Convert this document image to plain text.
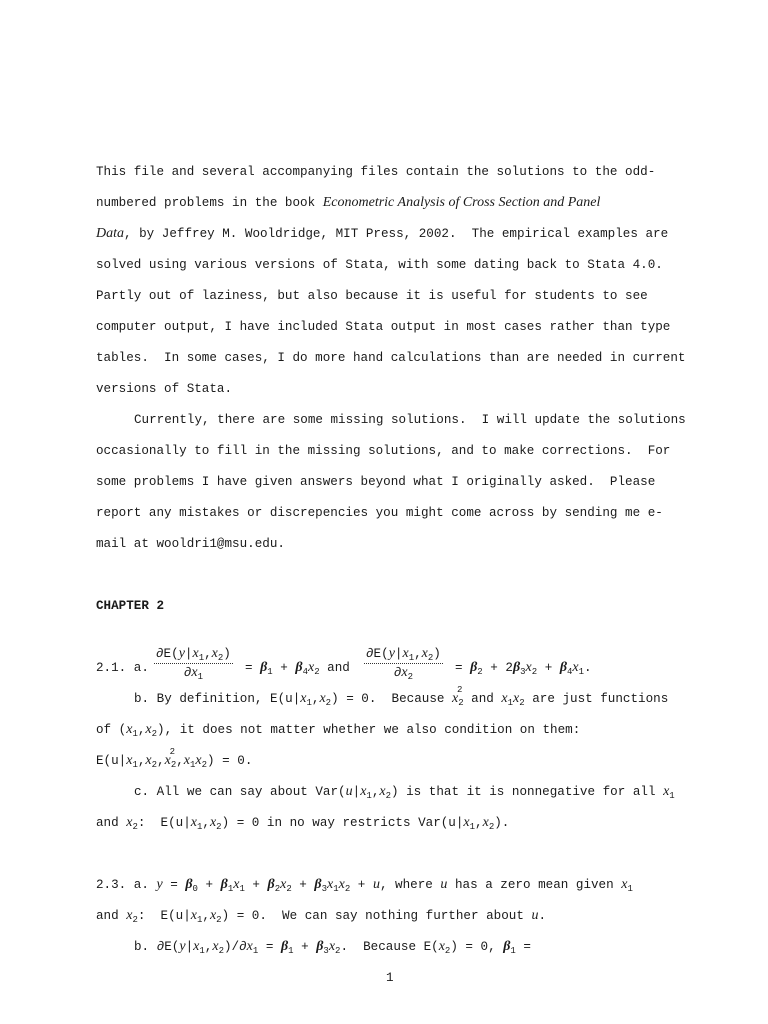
This file and several accompanying files contain the solutions to the odd-
numbered problems in the book Econometric Analysis of Cross Section and Panel
Data, by Jeffrey M. Wooldridge, MIT Press, 2002.  The empirical examples are
solved using various versions of Stata, with some dating back to Stata 4.0.
Partly out of laziness, but also because it is useful for students to see
computer output, I have included Stata output in most cases rather than type
tables.  In some cases, I do more hand calculations than are needed in current
versions of Stata.
Currently, there are some missing solutions.  I will update the solutions
occasionally to fill in the missing solutions, and to make corrections.  For
some problems I have given answers beyond what I originally asked.  Please
report any mistakes or discrepencies you might come across by sending me e-
mail at wooldri1@msu.edu.
CHAPTER 2
2.1. a. $\frac{\partial E(y|x_1,x_2)}{\partial x_1} = \beta_1 + \beta_4x_2$ and $\frac{\partial E(y|x_1,x_2)}{\partial x_2} = \beta_2 + 2\beta_3x_2 + \beta_4x_1$.
b. By definition, $E(u|x_1,x_2) = 0$.  Because x
2
$_2$ and $x_1x_2$ are just functions
of $(x_1,x_2)$, it does not matter whether we also condition on them:
$E(u|x_1,x_2,x$
2
$_2,x_1x_2) = 0$.
c. All we can say about $Var(u|x_1,x_2)$ is that it is nonnegative for all $x_1$
and $x_2$:  $E(u|x_1,x_2) = 0$ in no way restricts $Var(u|x_1,x_2)$.
2.3. a. $y = \beta_0 + \beta_1x_1 + \beta_2x_2 + \beta_3x_1x_2 + u$, where u has a zero mean given $x_1$
and $x_2$:  $E(u|x_1,x_2) = 0$.  We can say nothing further about u.
b. $\partial E(y|x_1,x_2)/\partial x_1 = \beta_1 + \beta_3x_2$.  Because $E(x_2) = 0$, $\beta_1$ =
1
